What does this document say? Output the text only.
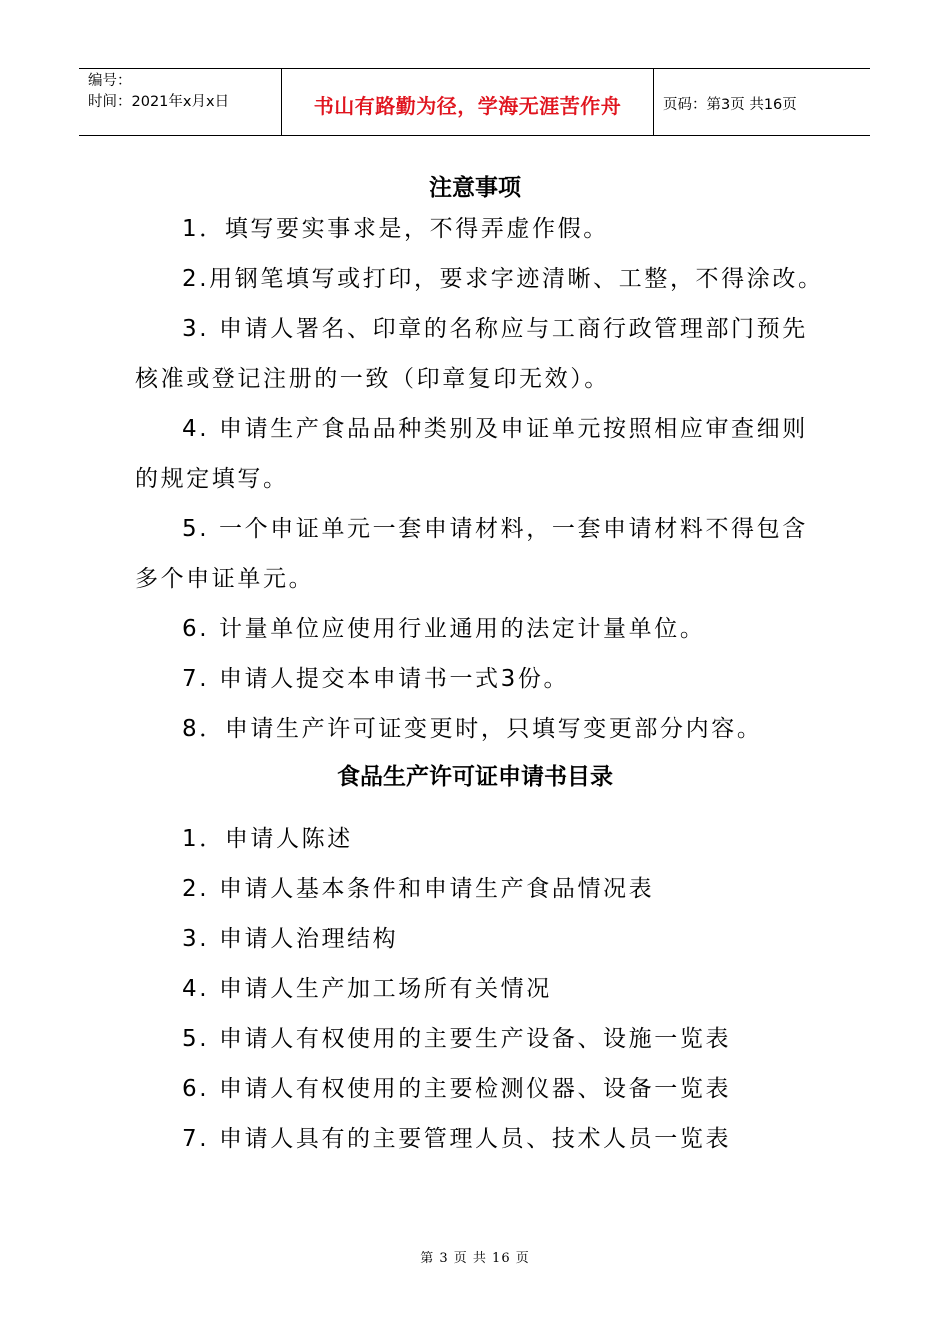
编号：
时间：2021年x月x日	书山有路勤为径，学海无涯苦作舟	页码：第3页 共16页
注意事项
1．填写要实事求是，不得弄虚作假。
2.用钢笔填写或打印，要求字迹清晰、工整，不得涂改。
3. 申请人署名、印章的名称应与工商行政管理部门预先
核准或登记注册的一致（印章复印无效）。
4. 申请生产食品品种类别及申证单元按照相应审查细则
的规定填写。
5. 一个申证单元一套申请材料，一套申请材料不得包含
多个申证单元。
6. 计量单位应使用行业通用的法定计量单位。
7. 申请人提交本申请书一式3份。
8．申请生产许可证变更时，只填写变更部分内容。
食品生产许可证申请书目录
1．申请人陈述
2. 申请人基本条件和申请生产食品情况表
3. 申请人治理结构
4. 申请人生产加工场所有关情况
5. 申请人有权使用的主要生产设备、设施一览表
6. 申请人有权使用的主要检测仪器、设备一览表
7. 申请人具有的主要管理人员、技术人员一览表
第 3 页 共 16 页
